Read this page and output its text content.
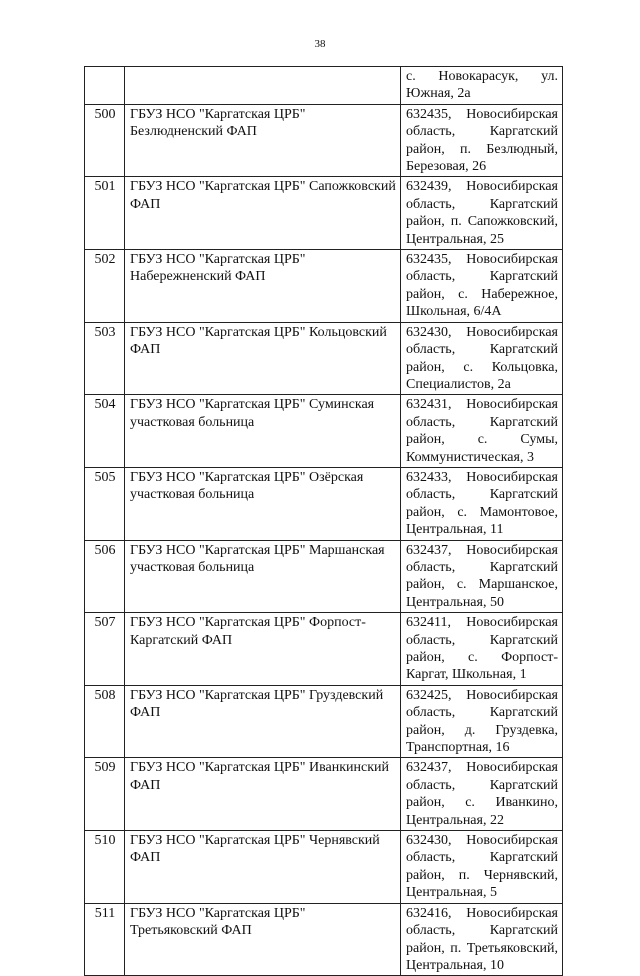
38
		с. Новокарасук, ул. Южная, 2а
500	ГБУЗ НСО "Каргатская ЦРБ" Безлюдненский ФАП	632435, Новосибирская область, Каргатский район, п. Безлюдный, Березовая, 26
501	ГБУЗ НСО "Каргатская ЦРБ" Сапожковский ФАП	632439, Новосибирская область, Каргатский район, п. Сапожковский, Центральная, 25
502	ГБУЗ НСО "Каргатская ЦРБ" Набережненский ФАП	632435, Новосибирская область, Каргатский район, с. Набережное, Школьная, 6/4А
503	ГБУЗ НСО "Каргатская ЦРБ" Кольцовский ФАП	632430, Новосибирская область, Каргатский район, с. Кольцовка, Специалистов, 2а
504	ГБУЗ НСО "Каргатская ЦРБ" Суминская участковая больница	632431, Новосибирская область, Каргатский район, с. Сумы, Коммунистическая, 3
505	ГБУЗ НСО "Каргатская ЦРБ" Озёрская участковая больница	632433, Новосибирская область, Каргатский район, с. Мамонтовое, Центральная, 11
506	ГБУЗ НСО "Каргатская ЦРБ" Маршанская участковая больница	632437, Новосибирская область, Каргатский район, с. Маршанское, Центральная, 50
507	ГБУЗ НСО "Каргатская ЦРБ" Форпост-Каргатский ФАП	632411, Новосибирская область, Каргатский район, с. Форпост-Каргат, Школьная, 1
508	ГБУЗ НСО "Каргатская ЦРБ" Груздевский ФАП	632425, Новосибирская область, Каргатский район, д. Груздевка, Транспортная, 16
509	ГБУЗ НСО "Каргатская ЦРБ" Иванкинский ФАП	632437, Новосибирская область, Каргатский район, с. Иванкино, Центральная, 22
510	ГБУЗ НСО "Каргатская ЦРБ" Чернявский ФАП	632430, Новосибирская область, Каргатский район, п. Чернявский, Центральная, 5
511	ГБУЗ НСО "Каргатская ЦРБ" Третьяковский ФАП	632416, Новосибирская область, Каргатский район, п. Третьяковский, Центральная, 10
